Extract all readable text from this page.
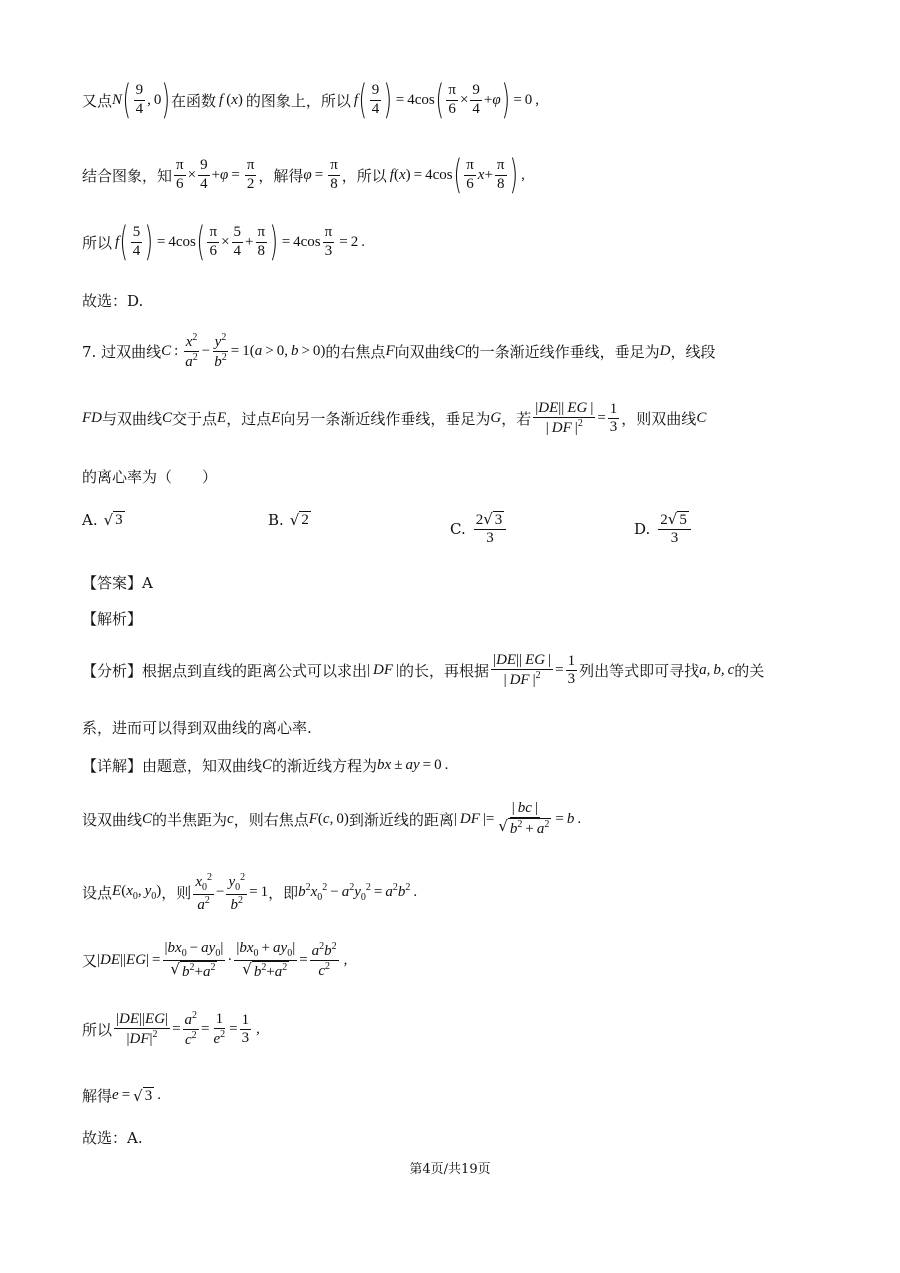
又点 N ( $\frac{9}{4}$ , 0 ) 在函数  f  ( x )  的图象上，所以  f ( $\frac{9}{4}$ )  = 4cos ( $\frac{\pi}{6} \times \frac{9}{4} + \varphi$ )  = 0 ,
结合图象，知 $\frac{\pi}{6} \times \frac{9}{4} + \varphi = \frac{\pi}{2}$ ，解得 $\varphi = \frac{\pi}{8}$ ，所以  f ( x ) = 4cos ( $\frac{\pi}{6}$ $x + \frac{\pi}{8}$ )  ,
所以  f ( $\frac{5}{4}$ )  = 4cos ( $\frac{\pi}{6} \times \frac{5}{4} + \frac{\pi}{8}$ )  = $4\cos \frac{\pi}{3} = 2$ .
故选：D.
7. 过双曲线 C  :  $\frac{x^2}{a^2} - \frac{y^2}{b^2} = 1(a > 0$, b > 0) 的右焦点 F 向双曲线 C 的一条渐近线作垂线，垂足为 D ，线段
FD 与双曲线 C 交于点 E ，过点 E 向另一条渐近线作垂线，垂足为 G ，若 $\frac{|DE|| EG |}{| DF |^2} = \frac{1}{3}$ ，则双曲线 C
的离心率为（　　）
A.
   √ 3	B.
   √ 2
C.
   $\frac{2 √ 3}{3}$	D.
   $\frac{2 √ 5}{3}$
【答案】A
【解析】
【分析】根据点到直线的距离公式可以求出 | DF | 的长，再根据 $\frac{|DE|| EG |}{| DF |^2} = \frac{1}{3}$ 列出等式即可寻找 a, b, c 的关
系，进而可以得到双曲线的离心率.
【详解】由题意，知双曲线 C 的渐近线方程为 bx ± ay = 0 .
设双曲线 C 的半焦距为 c ，则右焦点 F(c, 0) 到渐近线的距离 | DF |= $\frac{| bc |}{√ b^2 + a^2} = b$ .
设点 $E(x_0$, $y_0$) ，则 $\frac{x_0^2}{a^2} - \frac{y_0^2}{b^2} = 1$ ，即 $b^2x_0^2 - a^2y_0^2 = a^2b^2$ .
又 $|DE||EG| = \frac{|bx_0 - ay_0|}{√ b^2+a^2} \cdot \frac{|bx_0 + ay_0|}{√ b^2+a^2} = \frac{a^2b^2}{c^2}$  ,
所以 $\frac{|DE||EG|}{|DF|^2} = \frac{a^2}{c^2} = \frac{1}{e^2} = \frac{1}{3}$  ,
解得 e =  √ 3  .
故选：A.
第4页/共19页
